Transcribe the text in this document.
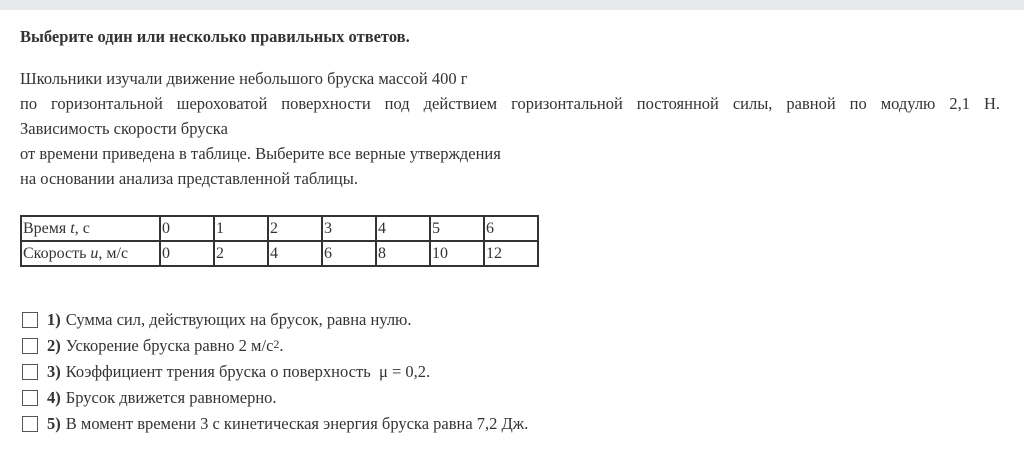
Выберите один или несколько правильных ответов.
Школьники изучали движение небольшого бруска массой 400 г
по горизонтальной шероховатой поверхности под действием горизонтальной постоянной силы, равной по модулю 2,1 Н.
Зависимость скорости бруска
от времени приведена в таблице. Выберите все верные утверждения
на основании анализа представленной таблицы.
Время t, с	0	1	2	3	4	5	6
Скорость u, м/с	0	2	4	6	8	10	12
1) Сумма сил, действующих на брусок, равна нулю.
2) Ускорение бруска равно 2 $м/с^2$ .
3) Коэффициент трения бруска о поверхность  μ = 0,2.
4) Брусок движется равномерно.
5) В момент времени 3 с кинетическая энергия бруска равна 7,2 Дж.
